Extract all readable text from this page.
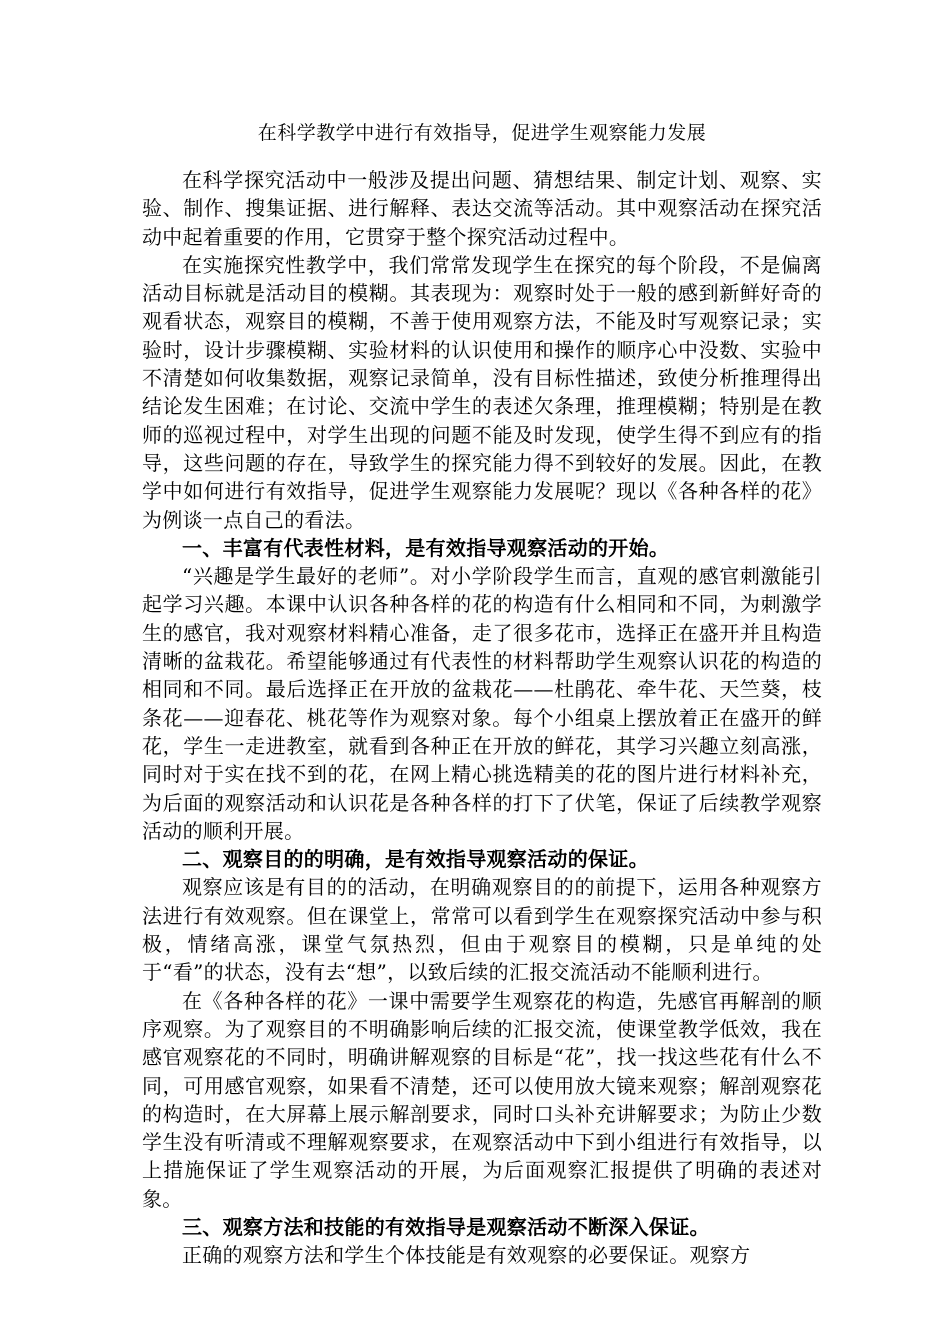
在科学教学中进行有效指导，促进学生观察能力发展

在科学探究活动中一般涉及提出问题、猜想结果、制定计划、观察、实验、制作、搜集证据、进行解释、表达交流等活动。其中观察活动在探究活动中起着重要的作用，它贯穿于整个探究活动过程中。

在实施探究性教学中，我们常常发现学生在探究的每个阶段，不是偏离活动目标就是活动目的模糊。其表现为：观察时处于一般的感到新鲜好奇的观看状态，观察目的模糊，不善于使用观察方法，不能及时写观察记录；实验时，设计步骤模糊、实验材料的认识使用和操作的顺序心中没数、实验中不清楚如何收集数据，观察记录简单，没有目标性描述，致使分析推理得出结论发生困难；在讨论、交流中学生的表述欠条理，推理模糊；特别是在教师的巡视过程中，对学生出现的问题不能及时发现，使学生得不到应有的指导，这些问题的存在，导致学生的探究能力得不到较好的发展。因此，在教学中如何进行有效指导，促进学生观察能力发展呢？现以《各种各样的花》为例谈一点自己的看法。

一、丰富有代表性材料，是有效指导观察活动的开始。

“兴趣是学生最好的老师”。对小学阶段学生而言，直观的感官刺激能引起学习兴趣。本课中认识各种各样的花的构造有什么相同和不同，为刺激学生的感官，我对观察材料精心准备，走了很多花市，选择正在盛开并且构造清晰的盆栽花。希望能够通过有代表性的材料帮助学生观察认识花的构造的相同和不同。最后选择正在开放的盆栽花——杜鹃花、牵牛花、天竺葵，枝条花——迎春花、桃花等作为观察对象。每个小组桌上摆放着正在盛开的鲜花，学生一走进教室，就看到各种正在开放的鲜花，其学习兴趣立刻高涨，同时对于实在找不到的花，在网上精心挑选精美的花的图片进行材料补充，为后面的观察活动和认识花是各种各样的打下了伏笔，保证了后续教学观察活动的顺利开展。

二、观察目的的明确，是有效指导观察活动的保证。

观察应该是有目的的活动，在明确观察目的的前提下，运用各种观察方法进行有效观察。但在课堂上，常常可以看到学生在观察探究活动中参与积极，情绪高涨，课堂气氛热烈，但由于观察目的模糊，只是单纯的处于“看”的状态，没有去“想”，以致后续的汇报交流活动不能顺利进行。

在《各种各样的花》一课中需要学生观察花的构造，先感官再解剖的顺序观察。为了观察目的不明确影响后续的汇报交流，使课堂教学低效，我在感官观察花的不同时，明确讲解观察的目标是“花”，找一找这些花有什么不同，可用感官观察，如果看不清楚，还可以使用放大镜来观察；解剖观察花的构造时，在大屏幕上展示解剖要求，同时口头补充讲解要求；为防止少数学生没有听清或不理解观察要求，在观察活动中下到小组进行有效指导，以上措施保证了学生观察活动的开展，为后面观察汇报提供了明确的表述对象。

三、观察方法和技能的有效指导是观察活动不断深入保证。

正确的观察方法和学生个体技能是有效观察的必要保证。观察方
